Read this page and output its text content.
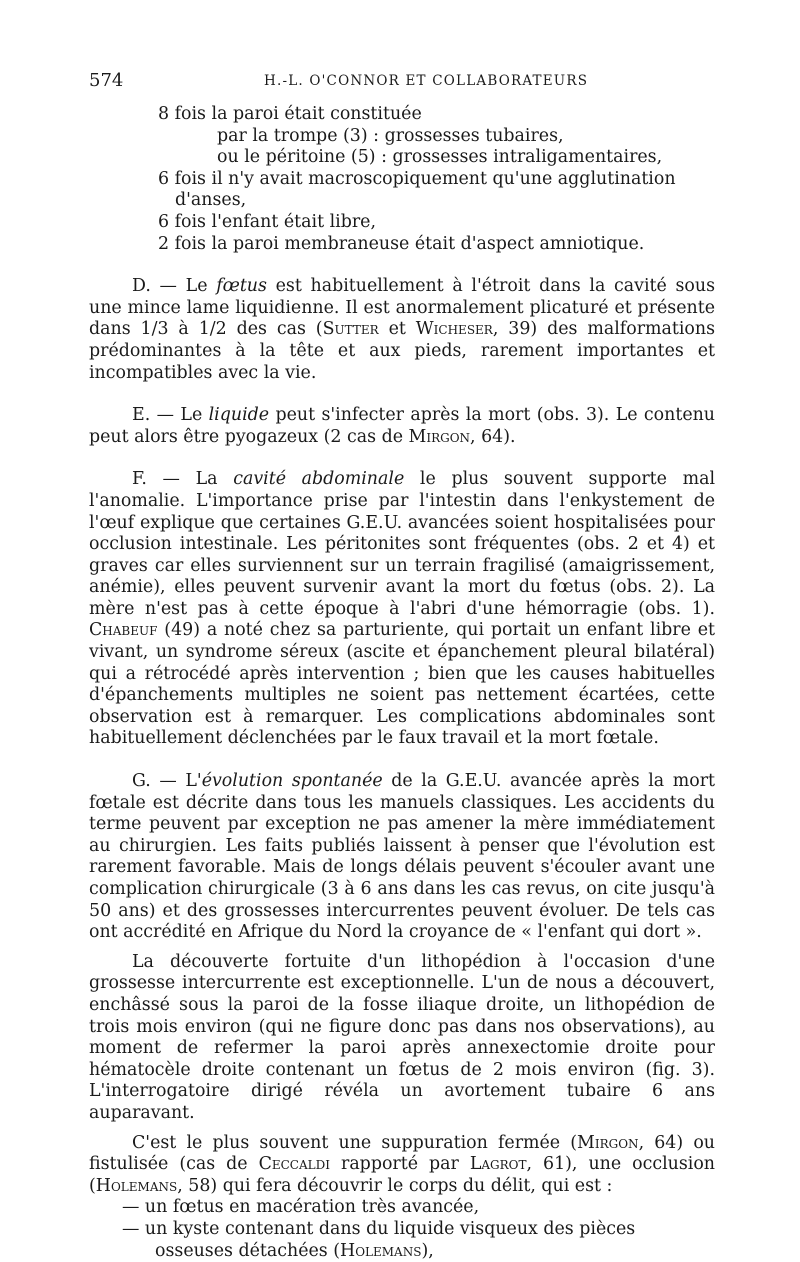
574	H.-L. O'CONNOR ET COLLABORATEURS
8 fois la paroi était constituée
par la trompe (3) : grossesses tubaires,
ou le péritoine (5) : grossesses intraligamentaires,
6 fois il n'y avait macroscopiquement qu'une agglutination d'anses,
6 fois l'enfant était libre,
2 fois la paroi membraneuse était d'aspect amniotique.

D. — Le fœtus est habituellement à l'étroit dans la cavité sous une mince lame liquidienne. Il est anormalement plicaturé et présente dans 1/3 à 1/2 des cas (Sutter et Wicheser, 39) des malformations prédominantes à la tête et aux pieds, rarement importantes et incompatibles avec la vie.

E. — Le liquide peut s'infecter après la mort (obs. 3). Le contenu peut alors être pyogazeux (2 cas de Mirgon, 64).

F. — La cavité abdominale le plus souvent supporte mal l'anomalie. L'importance prise par l'intestin dans l'enkystement de l'œuf explique que certaines G.E.U. avancées soient hospitalisées pour occlusion intestinale. Les péritonites sont fréquentes (obs. 2 et 4) et graves car elles surviennent sur un terrain fragilisé (amaigrissement, anémie), elles peuvent survenir avant la mort du fœtus (obs. 2). La mère n'est pas à cette époque à l'abri d'une hémorragie (obs. 1). Chabeuf (49) a noté chez sa parturiente, qui portait un enfant libre et vivant, un syndrome séreux (ascite et épanchement pleural bilatéral) qui a rétrocédé après intervention ; bien que les causes habituelles d'épanchements multiples ne soient pas nettement écartées, cette observation est à remarquer. Les complications abdominales sont habituellement déclenchées par le faux travail et la mort fœtale.

G. — L'évolution spontanée de la G.E.U. avancée après la mort fœtale est décrite dans tous les manuels classiques. Les accidents du terme peuvent par exception ne pas amener la mère immédiatement au chirurgien. Les faits publiés laissent à penser que l'évolution est rarement favorable. Mais de longs délais peuvent s'écouler avant une complication chirurgicale (3 à 6 ans dans les cas revus, on cite jusqu'à 50 ans) et des grossesses intercurrentes peuvent évoluer. De tels cas ont accrédité en Afrique du Nord la croyance de « l'enfant qui dort ».

La découverte fortuite d'un lithopédion à l'occasion d'une grossesse intercurrente est exceptionnelle. L'un de nous a découvert, enchâssé sous la paroi de la fosse iliaque droite, un lithopédion de trois mois environ (qui ne figure donc pas dans nos observations), au moment de refermer la paroi après annexectomie droite pour hématocèle droite contenant un fœtus de 2 mois environ (fig. 3). L'interrogatoire dirigé révéla un avortement tubaire 6 ans auparavant.

C'est le plus souvent une suppuration fermée (Mirgon, 64) ou fistulisée (cas de Ceccaldi rapporté par Lagrot, 61), une occlusion (Holemans, 58) qui fera découvrir le corps du délit, qui est :

— un fœtus en macération très avancée,
— un kyste contenant dans du liquide visqueux des pièces osseuses détachées (Holemans),
